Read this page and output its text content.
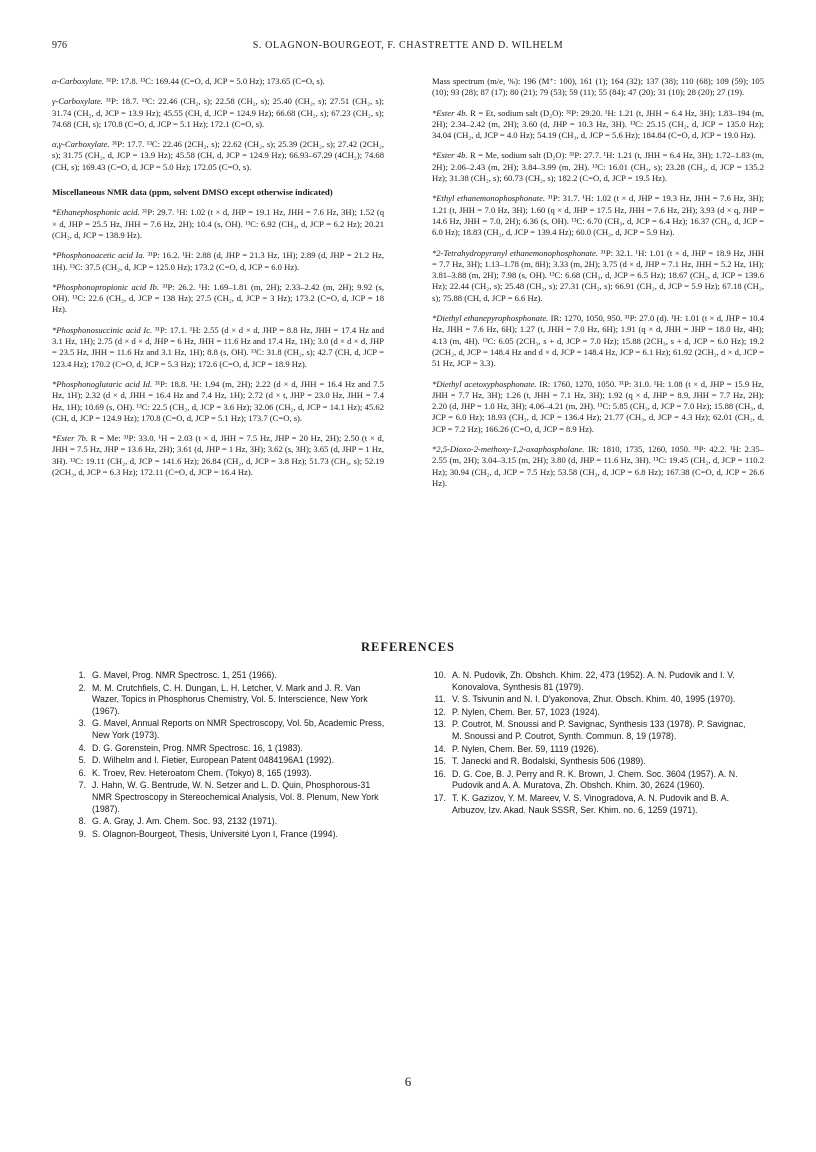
976	S. OLAGNON-BOURGEOT, F. CHASTRETTE AND D. WILHELM

α-Carboxylate. ³¹P: 17.8. ¹³C: 169.44 (C=O, d, JCP = 5.0 Hz); 173.65 (C=O, s).

γ-Carboxylate. ³¹P: 18.7. ¹³C: 22.46 (CH₂, s); 22.58 (CH₂, s); 25.40 (CH₂, s); 27.51 (CH₂, s); 31.74 (CH₂, d, JCP = 13.9 Hz); 45.55 (CH, d, JCP = 124.9 Hz); 66.68 (CH₂, s); 67.23 (CH₂, s); 74.68 (CH, s); 170.8 (C=O, d, JCP = 5.1 Hz); 172.1 (C=O, s).

α,γ-Carboxylate. ³¹P: 17.7. ¹³C: 22.46 (2CH₂, s); 22.62 (CH₂, s); 25.39 (2CH₂, s); 27.42 (2CH₂, s); 31.75 (CH₂, d, JCP = 13.9 Hz); 45.58 (CH, d, JCP = 124.9 Hz); 66.93–67.29 (4CH₂); 74.68 (CH, s); 169.43 (C=O, d, JCP = 5.0 Hz); 172.05 (C=O, s).

Miscellaneous NMR data (ppm, solvent DMSO except otherwise indicated)

*Ethanephosphonic acid. ³¹P: 29.7. ¹H: 1.02 (t × d, JHP = 19.1 Hz, JHH = 7.6 Hz, 3H); 1.52 (q × d, JHP = 25.5 Hz, JHH = 7.6 Hz, 2H); 10.4 (s, OH). ¹³C: 6.92 (CH₃, d, JCP = 6.2 Hz); 20.21 (CH₂, d, JCP = 138.9 Hz).

*Phosphonoacetic acid Ia. ³¹P: 16.2. ¹H: 2.88 (d, JHP = 21.3 Hz, 1H); 2.89 (d, JHP = 21.2 Hz, 1H). ¹³C: 37.5 (CH₂, d, JCP = 125.0 Hz); 173.2 (C=O, d, JCP = 6.0 Hz).

*Phosphonopropionic acid Ib. ³¹P: 26.2. ¹H: 1.69–1.81 (m, 2H); 2.33–2.42 (m, 2H); 9.92 (s, OH). ¹³C: 22.6 (CH₂, d, JCP = 138 Hz); 27.5 (CH₂, d, JCP = 3 Hz); 173.2 (C=O, d, JCP = 18 Hz).

*Phosphonosuccinic acid Ic. ³¹P: 17.1. ¹H: 2.55 (d × d × d, JHP = 8.8 Hz, JHH = 17.4 Hz and 3.1 Hz, 1H); 2.75 (d × d × d, JHP = 6 Hz, JHH = 11.6 Hz and 17.4 Hz, 1H); 3.0 (d × d × d, JHP = 23.5 Hz, JHH = 11.6 Hz and 3.1 Hz, 1H); 8.8 (s, OH). ¹³C: 31.8 (CH₂, s); 42.7 (CH, d, JCP = 123.4 Hz); 170.2 (C=O, d, JCP = 5.3 Hz); 172.6 (C=O, d, JCP = 18.9 Hz).

*Phosphonoglutaric acid Id. ³¹P: 18.8. ¹H: 1.94 (m, 2H); 2.22 (d × d, JHH = 16.4 Hz and 7.5 Hz, 1H); 2.32 (d × d, JHH = 16.4 Hz and 7.4 Hz, 1H); 2.72 (d × t, JHP = 23.0 Hz, JHH = 7.4 Hz, 1H); 10.69 (s, OH). ¹³C: 22.5 (CH₂, d, JCP = 3.6 Hz); 32.06 (CH₂, d, JCP = 14.1 Hz); 45.62 (CH, d, JCP = 124.9 Hz); 170.8 (C=O, d, JCP = 5.1 Hz); 173.7 (C=O, s).

*Ester 7b. R = Me: ³¹P: 33.0. ¹H = 2.03 (t × d, JHH = 7.5 Hz, JHP = 20 Hz, 2H); 2.50 (t × d, JHH = 7.5 Hz, JHP = 13.6 Hz, 2H); 3.61 (d, JHP = 1 Hz, 3H); 3.62 (s, 3H); 3.65 (d, JHP = 1 Hz, 3H). ¹³C: 19.11 (CH₂, d, JCP = 141.6 Hz); 26.84 (CH₂, d, JCP = 3.8 Hz); 51.73 (CH₃, s); 52.19 (2CH₃, d, JCP = 6.3 Hz); 172.11 (C=O, d, JCP = 16.4 Hz).

Mass spectrum (m/e, %): 196 (M⁺: 100), 161 (1); 164 (32); 137 (38); 110 (68); 109 (59); 105 (10); 93 (28); 87 (17); 80 (21); 79 (53); 59 (11); 55 (84); 47 (20); 31 (10); 28 (20); 27 (19).

*Ester 4b. R = Et, sodium salt (D₂O): ³¹P: 29.20. ¹H: 1.21 (t, JHH = 6.4 Hz, 3H); 1.83–194 (m, 2H); 2.34–2.42 (m, 2H); 3.60 (d, JHP = 10.3 Hz, 3H). ¹³C: 25.15 (CH₂, d, JCP = 135.0 Hz); 34.04 (CH₂, d, JCP = 4.0 Hz); 54.19 (CH₃, d, JCP = 5.6 Hz); 184.84 (C=O, d, JCP = 19.0 Hz).

*Ester 4b. R = Me, sodium salt (D₂O): ³¹P: 27.7. ¹H: 1.21 (t, JHH = 6.4 Hz, 3H); 1.72–1.83 (m, 2H); 2.06–2.43 (m, 2H); 3.84–3.99 (m, 2H). ¹³C: 16.01 (CH₃, s); 23.28 (CH₂, d, JCP = 135.2 Hz); 31.38 (CH₂, s); 60.73 (CH₂, s); 182.2 (C=O, d, JCP = 19.5 Hz).

*Ethyl ethanemonophosphonate. ³¹P: 31.7. ¹H: 1.02 (t × d, JHP = 19.3 Hz, JHH = 7.6 Hz, 3H); 1.21 (t, JHH = 7.0 Hz, 3H); 1.60 (q × d, JHP = 17.5 Hz, JHH = 7.6 Hz, 2H); 3.93 (d × q, JHP = 14.6 Hz, JHH = 7.0, 2H); 6.36 (s, OH). ¹³C: 6.70 (CH₃, d, JCP = 6.4 Hz); 16.37 (CH₃, d, JCP = 6.0 Hz); 18.83 (CH₂, d, JCP = 139.4 Hz); 60.0 (CH₂, d, JCP = 5.9 Hz).

*2-Tetrahydropyranyl ethanemonophosphonate. ³¹P: 32.1. ¹H: 1.01 (t × d, JHP = 18.9 Hz, JHH = 7.7 Hz, 3H); 1.13–1.78 (m, 8H); 3.33 (m, 2H); 3.75 (d × d, JHP = 7.1 Hz, JHH = 5.2 Hz, 1H); 3.81–3.88 (m, 2H); 7.98 (s, OH). ¹³C: 6.68 (CH₃, d, JCP = 6.5 Hz); 18.67 (CH₂, d, JCP = 139.6 Hz); 22.44 (CH₂, s); 25.48 (CH₂, s); 27.31 (CH₂, s); 66.91 (CH₂, d, JCP = 5.9 Hz); 67.18 (CH₂, s); 75.88 (CH, d, JCP = 6.6 Hz).

*Diethyl ethanepyrophosphonate. IR: 1270, 1050, 950. ³¹P: 27.0 (d). ¹H: 1.01 (t × d, JHP = 10.4 Hz, JHH = 7.6 Hz, 6H); 1.27 (t, JHH = 7.0 Hz, 6H); 1.91 (q × d, JHH = JHP = 18.0 Hz, 4H); 4.13 (m, 4H). ¹³C: 6.05 (2CH₃, s + d, JCP = 7.0 Hz); 15.88 (2CH₃, s + d, JCP = 6.0 Hz); 19.2 (2CH₂, d, JCP = 148.4 Hz and d × d, JCP = 148.4 Hz, JCP = 6.1 Hz); 61.92 (2CH₂, d × d, JCP = 51 Hz, JCP = 3.3).

*Diethyl acetoxyphosphonate. IR: 1760, 1270, 1050. ³¹P: 31.0. ¹H: 1.08 (t × d, JHP = 15.9 Hz, JHH = 7.7 Hz, 3H); 1.26 (t, JHH = 7.1 Hz, 3H); 1.92 (q × d, JHP = 8.9, JHH = 7.7 Hz, 2H); 2.20 (d, JHP = 1.0 Hz, 3H); 4.06–4.21 (m, 2H). ¹³C: 5.85 (CH₃, d, JCP = 7.0 Hz); 15.88 (CH₃, d, JCP = 6.0 Hz); 18.93 (CH₂, d, JCP = 136.4 Hz); 21.77 (CH₃, d, JCP = 4.3 Hz); 62.01 (CH₂, d, JCP = 7.2 Hz); 166.26 (C=O, d, JCP = 8.9 Hz).

*2,5-Dioxo-2-methoxy-1,2-oxaphospholane. IR: 1810, 1735, 1260, 1050. ³¹P: 42.2. ¹H: 2.35–2.55 (m, 2H); 3.04–3.15 (m, 2H); 3.80 (d, JHP = 11.6 Hz, 3H). ¹³C: 19.45 (CH₂, d, JCP = 110.2 Hz); 30.94 (CH₂, d, JCP = 7.5 Hz); 53.58 (CH₃, d, JCP = 6.8 Hz); 167.38 (C=O, d, JCP = 26.6 Hz).

REFERENCES
1. G. Mavel, Prog. NMR Spectrosc. 1, 251 (1966).
2. M. M. Crutchfiels, C. H. Dungan, L. H. Letcher, V. Mark and J. R. Van Wazer, Topics in Phosphorus Chemistry, Vol. 5. Interscience, New York (1967).
3. G. Mavel, Annual Reports on NMR Spectroscopy, Vol. 5b, Academic Press, New York (1973).
4. D. G. Gorenstein, Prog. NMR Spectrosc. 16, 1 (1983).
5. D. Wilhelm and I. Fietier, European Patent 0484196A1 (1992).
6. K. Troev, Rev. Heteroatom Chem. (Tokyo) 8, 165 (1993).
7. J. Hahn, W. G. Bentrude, W. N. Setzer and L. D. Quin, Phosphorous-31 NMR Spectroscopy in Stereochemical Analysis, Vol. 8. Plenum, New York (1987).
8. G. A. Gray, J. Am. Chem. Soc. 93, 2132 (1971).
9. S. Olagnon-Bourgeot, Thesis, Université Lyon I, France (1994).
10. A. N. Pudovik, Zh. Obshch. Khim. 22, 473 (1952). A. N. Pudovik and I. V. Konovalova, Synthesis 81 (1979).
11. V. S. Tsivunin and N. I. D'yakonova, Zhur. Obsch. Khim. 40, 1995 (1970).
12. P. Nylen, Chem. Ber. 57, 1023 (1924).
13. P. Coutrot, M. Snoussi and P. Savignac, Synthesis 133 (1978). P. Savignac, M. Snoussi and P. Coutrot, Synth. Commun. 8, 19 (1978).
14. P. Nylen, Chem. Ber. 59, 1119 (1926).
15. T. Janecki and R. Bodalski, Synthesis 506 (1989).
16. D. G. Coe, B. J. Perry and R. K. Brown, J. Chem. Soc. 3604 (1957). A. N. Pudovik and A. A. Muratova, Zh. Obshch. Khim. 30, 2624 (1960).
17. T. K. Gazizov, Y. M. Mareev, V. S. Vinogradova, A. N. Pudovik and B. A. Arbuzov, Izv. Akad. Nauk SSSR, Ser. Khim. no. 6, 1259 (1971).
6
